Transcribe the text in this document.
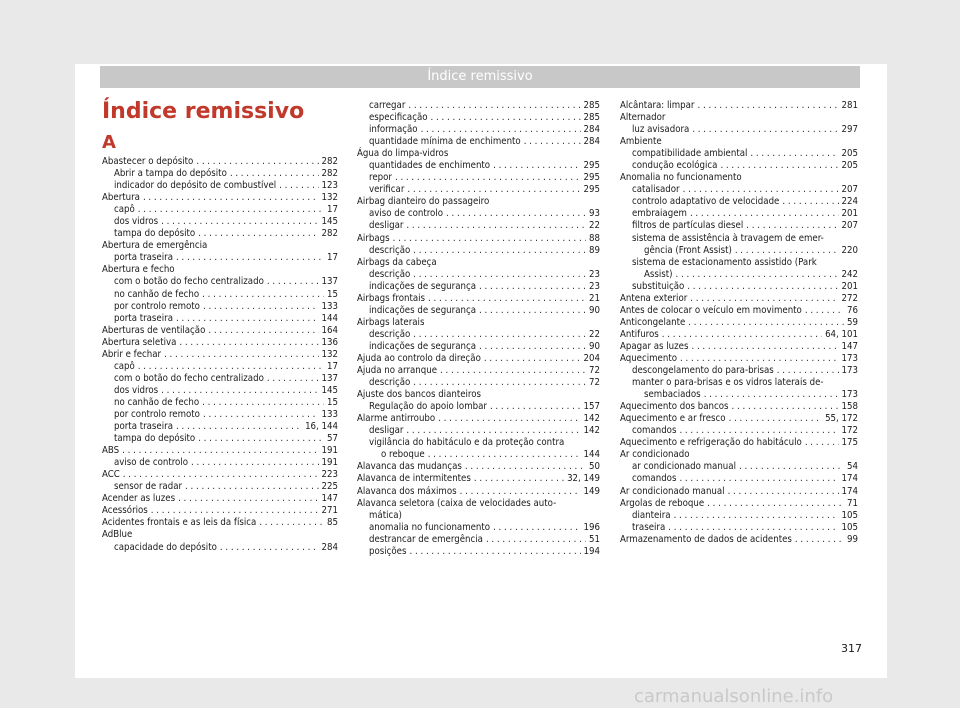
Índice remissivo
Índice remissivo
A
Abastecer o depósito . . .	282
Abrir a tampa do depósito . . .	282
indicador do depósito de combustível . . .	123
Abertura . . .	132
capô . . .	17
dos vidros . . .	145
tampa do depósito . . .	282
Abertura de emergência
porta traseira . . .	17
Abertura e fecho
com o botão do fecho centralizado . . .	137
no canhão de fecho . . .	15
por controlo remoto . . .	133
porta traseira . . .	144
Aberturas de ventilação . . .	164
Abertura seletiva . . .	136
Abrir e fechar . . .	132
capô . . .	17
com o botão do fecho centralizado . . .	137
dos vidros . . .	145
no canhão de fecho . . .	15
por controlo remoto . . .	133
porta traseira . . .	16, 144
tampa do depósito . . .	57
ABS . . .	191
aviso de controlo . . .	191
ACC . . .	223
sensor de radar . . .	225
Acender as luzes . . .	147
Acessórios . . .	271
Acidentes frontais e as leis da física . . .	85
AdBlue
capacidade do depósito . . .	284
carregar . . .	285
especificação . . .	285
informação . . .	284
quantidade mínima de enchimento . . .	284
Água do limpa-vidros
quantidades de enchimento . . .	295
repor . . .	295
verificar . . .	295
Airbag dianteiro do passageiro
aviso de controlo . . .	93
desligar . . .	22
Airbags . . .	88
descrição . . .	89
Airbags da cabeça
descrição . . .	23
indicações de segurança . . .	23
Airbags frontais . . .	21
indicações de segurança . . .	90
Airbags laterais
descrição . . .	22
indicações de segurança . . .	90
Ajuda ao controlo da direção . . .	204
Ajuda no arranque . . .	72
descrição . . .	72
Ajuste dos bancos dianteiros
Regulação do apoio lombar . . .	157
Alarme antirroubo . . .	142
desligar . . .	142
vigilância do habitáculo e da proteção contra
o reboque . . .	144
Alavanca das mudanças . . .	50
Alavanca de intermitentes . . .	32, 149
Alavanca dos máximos . . .	149
Alavanca seletora (caixa de velocidades auto-
mática)
anomalia no funcionamento . . .	196
destrancar de emergência . . .	51
posições . . .	194
Alcântara: limpar . . .	281
Alternador
luz avisadora . . .	297
Ambiente
compatibilidade ambiental . . .	205
condução ecológica . . .	205
Anomalia no funcionamento
catalisador . . .	207
controlo adaptativo de velocidade . . .	224
embraiagem . . .	201
filtros de partículas diesel . . .	207
sistema de assistência à travagem de emer-
gência (Front Assist) . . .	220
sistema de estacionamento assistido (Park
Assist) . . .	242
substituição . . .	201
Antena exterior . . .	272
Antes de colocar o veículo em movimento . . .	76
Anticongelante . . .	59
Antifuros . . .	64, 101
Apagar as luzes . . .	147
Aquecimento . . .	173
descongelamento do para-brisas . . .	173
manter o para-brisas e os vidros laterais de-
sembaciados . . .	173
Aquecimento dos bancos . . .	158
Aquecimento e ar fresco . . .	55, 172
comandos . . .	172
Aquecimento e refrigeração do habitáculo . . .	175
Ar condicionado
ar condicionado manual . . .	54
comandos . . .	174
Ar condicionado manual . . .	174
Argolas de reboque . . .	71
dianteira . . .	105
traseira . . .	105
Armazenamento de dados de acidentes . . .	99
317
carmanualsonline.info
